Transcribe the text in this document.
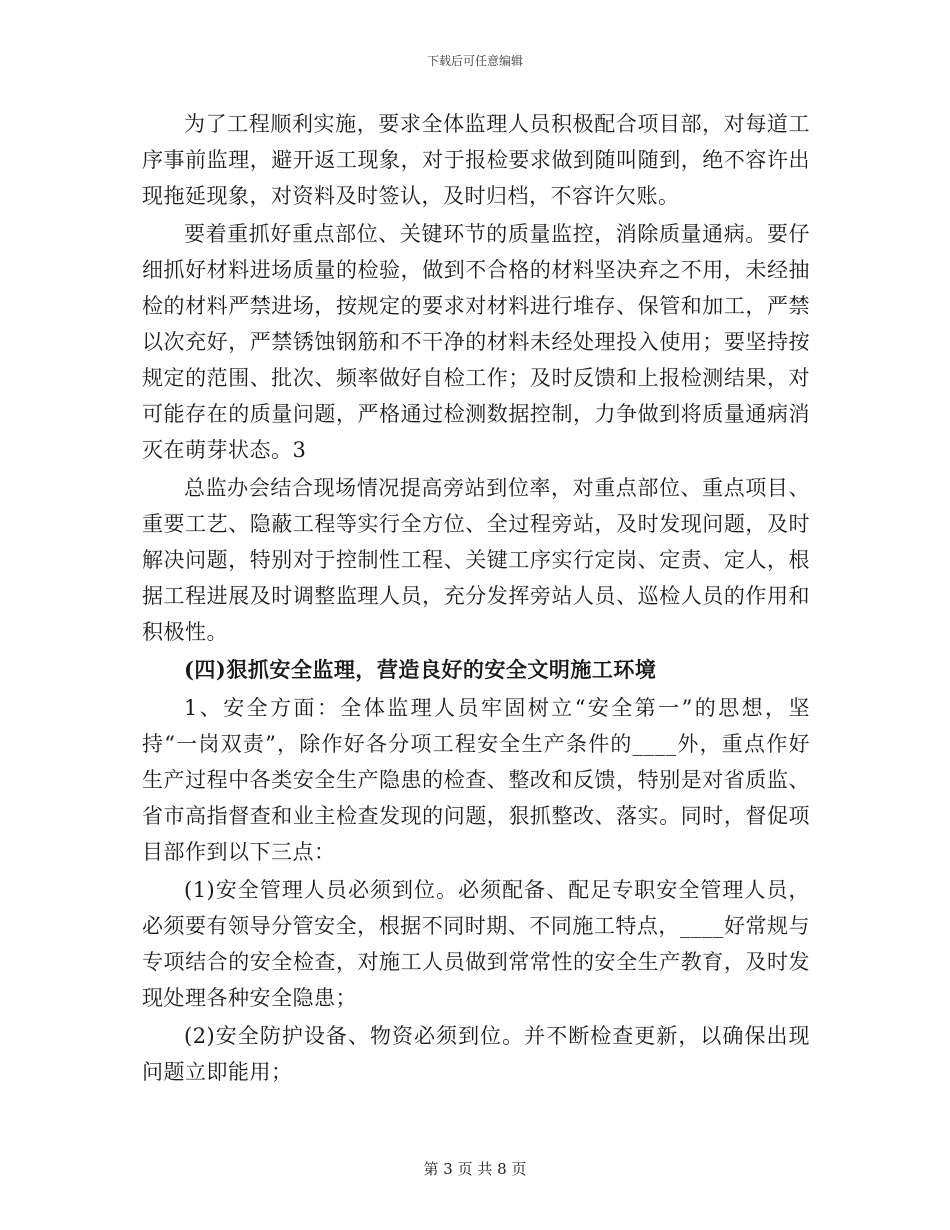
下载后可任意编辑

为了工程顺利实施，要求全体监理人员积极配合项目部，对每道工序事前监理，避开返工现象，对于报检要求做到随叫随到，绝不容许出现拖延现象，对资料及时签认，及时归档，不容许欠账。

要着重抓好重点部位、关键环节的质量监控，消除质量通病。要仔细抓好材料进场质量的检验，做到不合格的材料坚决弃之不用，未经抽检的材料严禁进场，按规定的要求对材料进行堆存、保管和加工，严禁以次充好，严禁锈蚀钢筋和不干净的材料未经处理投入使用；要坚持按规定的范围、批次、频率做好自检工作；及时反馈和上报检测结果，对可能存在的质量问题，严格通过检测数据控制，力争做到将质量通病消灭在萌芽状态。3

总监办会结合现场情况提高旁站到位率，对重点部位、重点项目、重要工艺、隐蔽工程等实行全方位、全过程旁站，及时发现问题，及时解决问题，特别对于控制性工程、关键工序实行定岗、定责、定人，根据工程进展及时调整监理人员，充分发挥旁站人员、巡检人员的作用和积极性。

(四)狠抓安全监理，营造良好的安全文明施工环境

1、安全方面：全体监理人员牢固树立“安全第一”的思想，坚持“一岗双责”，除作好各分项工程安全生产条件的____外，重点作好生产过程中各类安全生产隐患的检查、整改和反馈，特别是对省质监、省市高指督查和业主检查发现的问题，狠抓整改、落实。同时，督促项目部作到以下三点：

(1)安全管理人员必须到位。必须配备、配足专职安全管理人员，必须要有领导分管安全，根据不同时期、不同施工特点，____好常规与专项结合的安全检查，对施工人员做到常常性的安全生产教育，及时发现处理各种安全隐患；

(2)安全防护设备、物资必须到位。并不断检查更新，以确保出现问题立即能用；

第 3 页 共 8 页
